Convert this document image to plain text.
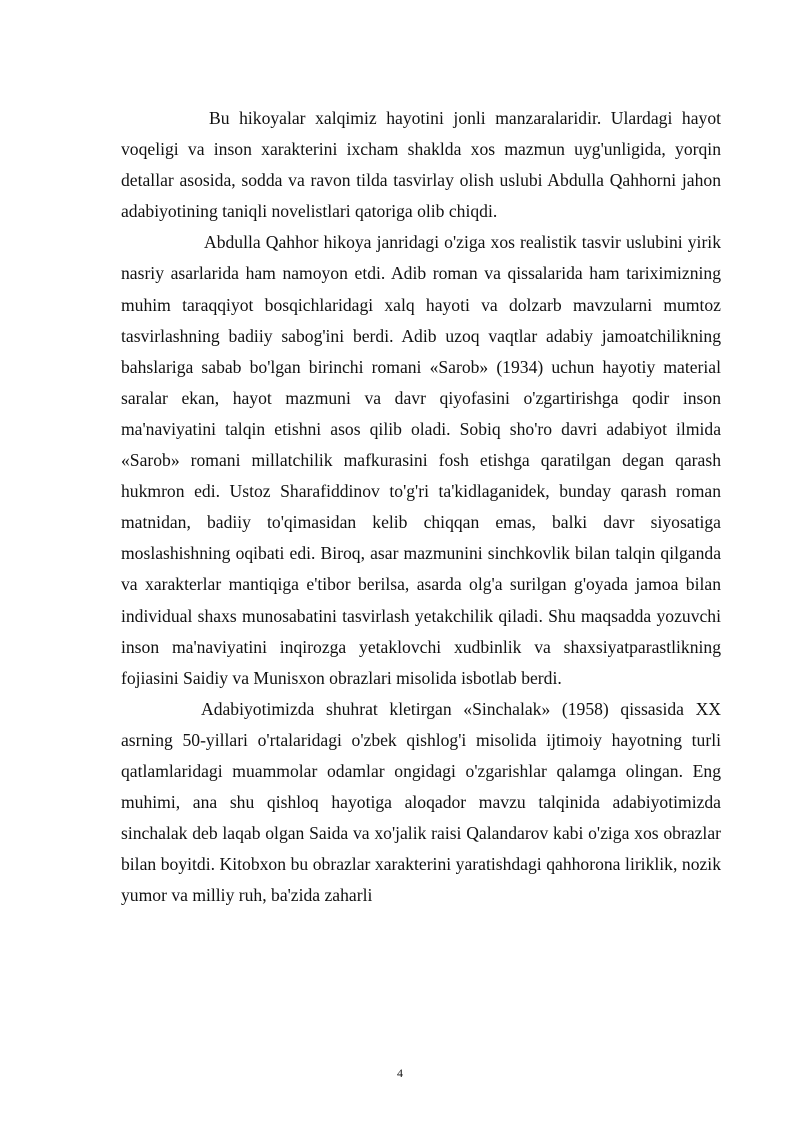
Bu hikoyalar xalqimiz hayotini jonli manzaralaridir. Ulardagi hayot voqeligi va inson xarakterini ixcham shaklda xos mazmun uyg'unligida, yorqin detallar asosida, sodda va ravon tilda tasvirlay olish uslubi Abdulla Qahhorni jahon adabiyotining taniqli novelistlari qatoriga olib chiqdi.

Abdulla Qahhor hikoya janridagi o'ziga xos realistik tasvir uslubini yirik nasriy asarlarida ham namoyon etdi. Adib roman va qissalarida ham tariximizning muhim taraqqiyot bosqichlaridagi xalq hayoti va dolzarb mavzularni mumtoz tasvirlashning badiiy sabog'ini berdi. Adib uzoq vaqtlar adabiy jamoatchilikning bahslariga sabab bo'lgan birinchi romani «Sarob» (1934) uchun hayotiy material saralar ekan, hayot mazmuni va davr qiyofasini o'zgartirishga qodir inson ma'naviyatini talqin etishni asos qilib oladi. Sobiq sho'ro davri adabiyot ilmida «Sarob» romani millatchilik mafkurasini fosh etishga qaratilgan degan qarash hukmron edi. Ustoz Sharafiddinov to'g'ri ta'kidlaganidek, bunday qarash roman matnidan, badiiy to'qimasidan kelib chiqqan emas, balki davr siyosatiga moslashishning oqibati edi. Biroq, asar mazmunini sinchkovlik bilan talqin qilganda va xarakterlar mantiqiga e'tibor berilsa, asarda olg'a surilgan g'oyada jamoa bilan individual shaxs munosabatini tasvirlash yetakchilik qiladi. Shu maqsadda yozuvchi inson ma'naviyatini inqirozga yetaklovchi xudbinlik va shaxsiyatparastlikning fojiasini Saidiy va Munisxon obrazlari misolida isbotlab berdi.

Adabiyotimizda shuhrat kletirgan «Sinchalak» (1958) qissasida XX asrning 50-yillari o'rtalaridagi o'zbek qishlog'i misolida ijtimoiy hayotning turli qatlamlaridagi muammolar odamlar ongidagi o'zgarishlar qalamga olingan. Eng muhimi, ana shu qishloq hayotiga aloqador mavzu talqinida adabiyotimizda sinchalak deb laqab olgan Saida va xo'jalik raisi Qalandarov kabi o'ziga xos obrazlar bilan boyitdi. Kitobxon bu obrazlar xarakterini yaratishdagi qahhorona liriklik, nozik yumor va milliy ruh, ba'zida zaharli

4
